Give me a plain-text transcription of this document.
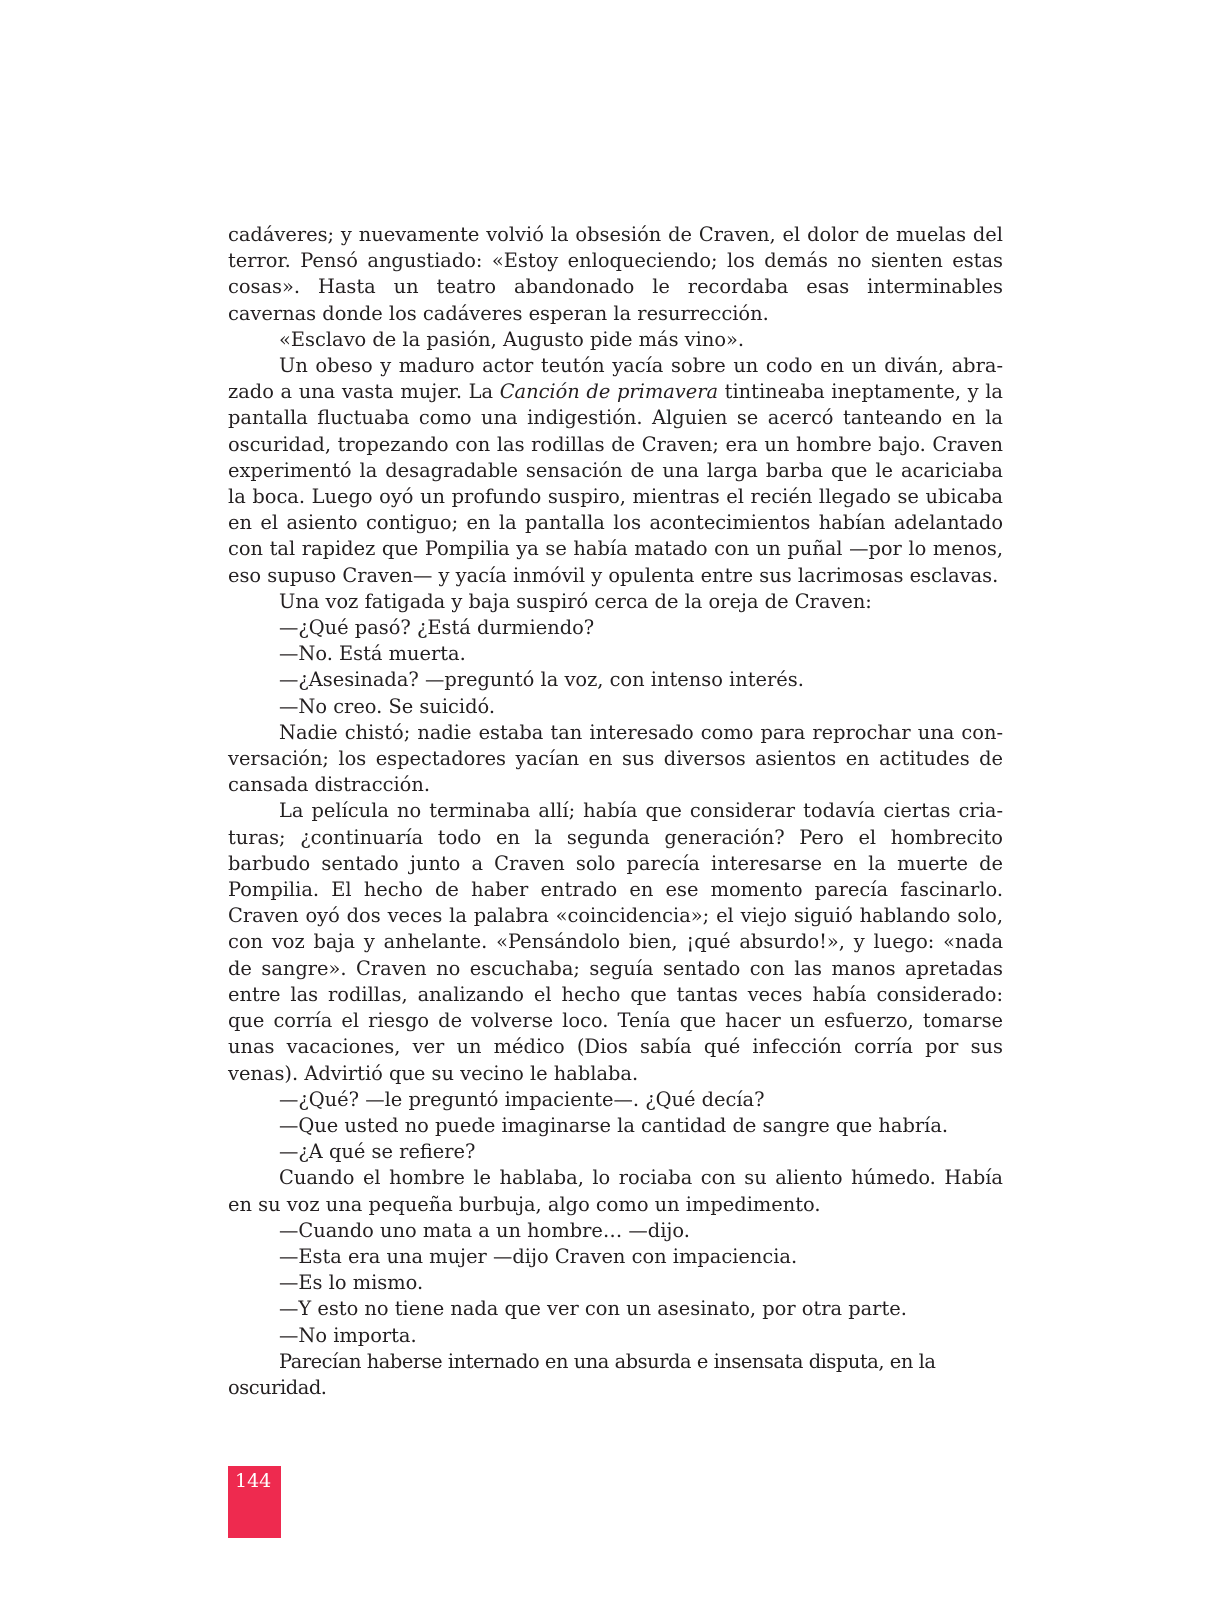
cadáveres; y nuevamente volvió la obsesión de Craven, el dolor de muelas del terror. Pensó angustiado: «Estoy enloqueciendo; los demás no sienten estas cosas». Hasta un teatro abandonado le recordaba esas interminables cavernas donde los cadáveres esperan la resurrección.

«Esclavo de la pasión, Augusto pide más vino».

Un obeso y maduro actor teutón yacía sobre un codo en un diván, abrazado a una vasta mujer. La Canción de primavera tintineaba ineptamente, y la pantalla fluctuaba como una indigestión. Alguien se acercó tanteando en la oscuridad, tropezando con las rodillas de Craven; era un hombre bajo. Craven experimentó la desagradable sensación de una larga barba que le acariciaba la boca. Luego oyó un profundo suspiro, mientras el recién llegado se ubicaba en el asiento contiguo; en la pantalla los acontecimientos habían adelantado con tal rapidez que Pompilia ya se había matado con un puñal —por lo menos, eso supuso Craven— y yacía inmóvil y opulenta entre sus lacrimosas esclavas.

Una voz fatigada y baja suspiró cerca de la oreja de Craven:

—¿Qué pasó? ¿Está durmiendo?

—No. Está muerta.

—¿Asesinada? —preguntó la voz, con intenso interés.

—No creo. Se suicidó.

Nadie chistó; nadie estaba tan interesado como para reprochar una conversación; los espectadores yacían en sus diversos asientos en actitudes de cansada distracción.

La película no terminaba allí; había que considerar todavía ciertas criaturas; ¿continuaría todo en la segunda generación? Pero el hombrecito barbudo sentado junto a Craven solo parecía interesarse en la muerte de Pompilia. El hecho de haber entrado en ese momento parecía fascinarlo. Craven oyó dos veces la palabra «coincidencia»; el viejo siguió hablando solo, con voz baja y anhelante. «Pensándolo bien, ¡qué absurdo!», y luego: «nada de sangre». Craven no escuchaba; seguía sentado con las manos apretadas entre las rodillas, analizando el hecho que tantas veces había considerado: que corría el riesgo de volverse loco. Tenía que hacer un esfuerzo, tomarse unas vacaciones, ver un médico (Dios sabía qué infección corría por sus venas). Advirtió que su vecino le hablaba.

—¿Qué? —le preguntó impaciente—. ¿Qué decía?

—Que usted no puede imaginarse la cantidad de sangre que habría.

—¿A qué se refiere?

Cuando el hombre le hablaba, lo rociaba con su aliento húmedo. Había en su voz una pequeña burbuja, algo como un impedimento.

—Cuando uno mata a un hombre… —dijo.

—Esta era una mujer —dijo Craven con impaciencia.

—Es lo mismo.

—Y esto no tiene nada que ver con un asesinato, por otra parte.

—No importa.

Parecían haberse internado en una absurda e insensata disputa, en la oscuridad.

144
